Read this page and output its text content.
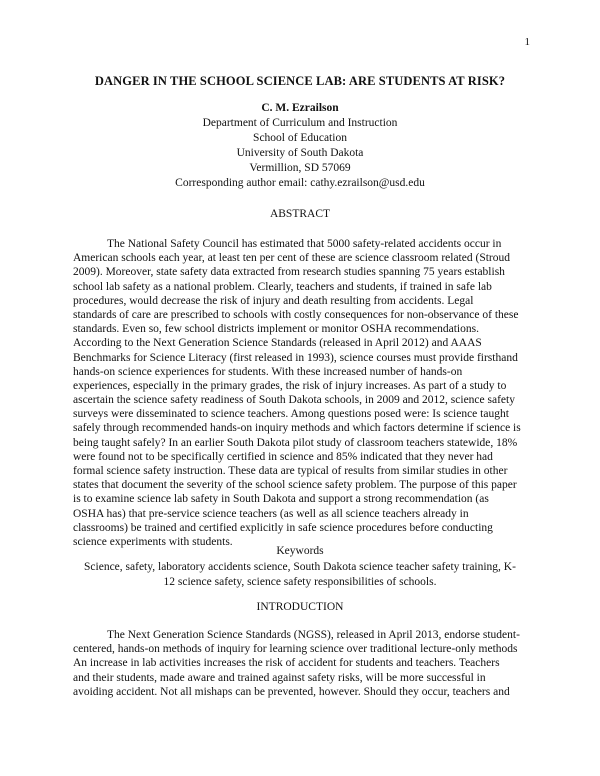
1
DANGER IN THE SCHOOL SCIENCE LAB: ARE STUDENTS AT RISK?
C. M. Ezrailson
Department of Curriculum and Instruction
School of Education
University of South Dakota
Vermillion, SD 57069
Corresponding author email: cathy.ezrailson@usd.edu
ABSTRACT
The National Safety Council has estimated that 5000 safety-related accidents occur in
American schools each year, at least ten per cent of these are science classroom related (Stroud
2009). Moreover, state safety data extracted from research studies spanning 75 years establish
school lab safety as a national problem. Clearly, teachers and students, if trained in safe lab
procedures, would decrease the risk of injury and death resulting from accidents. Legal
standards of care are prescribed to schools with costly consequences for non-observance of these
standards. Even so, few school districts implement or monitor OSHA recommendations.
According to the Next Generation Science Standards (released in April 2012) and AAAS
Benchmarks for Science Literacy (first released in 1993), science courses must provide firsthand
hands-on science experiences for students. With these increased number of hands-on
experiences, especially in the primary grades, the risk of injury increases. As part of a study to
ascertain the science safety readiness of South Dakota schools, in 2009 and 2012, science safety
surveys were disseminated to science teachers. Among questions posed were: Is science taught
safely through recommended hands-on inquiry methods and which factors determine if science is
being taught safely? In an earlier South Dakota pilot study of classroom teachers statewide, 18%
were found not to be specifically certified in science and 85% indicated that they never had
formal science safety instruction. These data are typical of results from similar studies in other
states that document the severity of the school science safety problem. The purpose of this paper
is to examine science lab safety in South Dakota and support a strong recommendation (as
OSHA has) that pre-service science teachers (as well as all science teachers already in
classrooms) be trained and certified explicitly in safe science procedures before conducting
science experiments with students.
Keywords
Science, safety, laboratory accidents science, South Dakota science teacher safety training, K-
12 science safety, science safety responsibilities of schools.
INTRODUCTION
The Next Generation Science Standards (NGSS), released in April 2013, endorse student-
centered, hands-on methods of inquiry for learning science over traditional lecture-only methods
An increase in lab activities increases the risk of accident for students and teachers. Teachers
and their students, made aware and trained against safety risks, will be more successful in
avoiding accident. Not all mishaps can be prevented, however. Should they occur, teachers and
